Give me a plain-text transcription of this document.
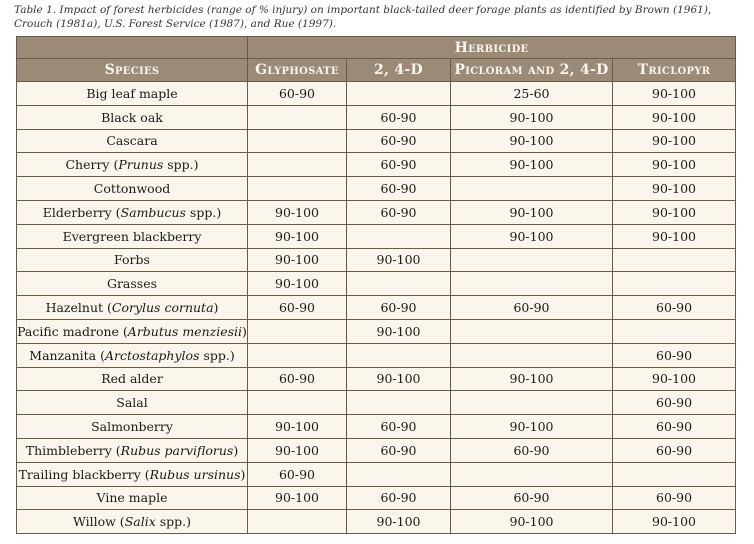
Table 1. Impact of forest herbicides (range of % injury) on important black-tailed deer forage plants as identified by Brown (1961), Crouch (1981a), U.S. Forest Service (1987), and Rue (1997).
	Herbicide			
Species	Glyphosate	2, 4-D	Picloram and 2, 4-D	Triclopyr
Big leaf maple	60-90		25-60	90-100
Black oak		60-90	90-100	90-100
Cascara		60-90	90-100	90-100
Cherry (Prunus spp.)		60-90	90-100	90-100
Cottonwood		60-90		90-100
Elderberry (Sambucus spp.)	90-100	60-90	90-100	90-100
Evergreen blackberry	90-100		90-100	90-100
Forbs	90-100	90-100		
Grasses	90-100			
Hazelnut (Corylus cornuta)	60-90	60-90	60-90	60-90
Pacific madrone (Arbutus menziesii)		90-100		
Manzanita (Arctostaphylos spp.)				60-90
Red alder	60-90	90-100	90-100	90-100
Salal				60-90
Salmonberry	90-100	60-90	90-100	60-90
Thimbleberry (Rubus parviflorus)	90-100	60-90	60-90	60-90
Trailing blackberry (Rubus ursinus)	60-90			
Vine maple	90-100	60-90	60-90	60-90
Willow (Salix spp.)		90-100	90-100	90-100
